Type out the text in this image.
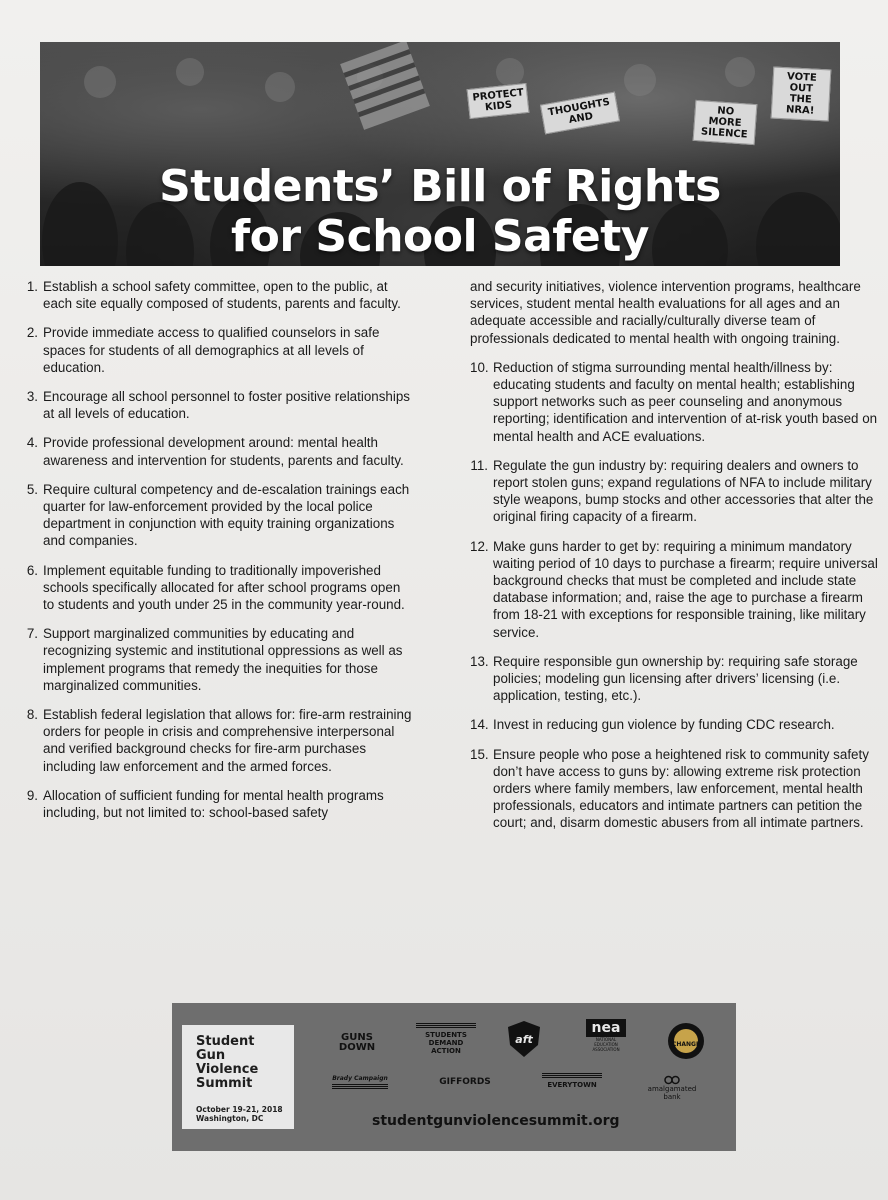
PROTECT KIDS	THOUGHTS AND	NO MORE SILENCE
VOTE OUT THE NRA!
Students’ Bill of Rights
for School Safety
1. Establish a school safety committee, open to the public, at each site equally composed of students, parents and faculty.
2. Provide immediate access to qualified counselors in safe spaces for students of all demographics at all levels of education.
3. Encourage all school personnel to foster positive relationships at all levels of education.
4. Provide professional development around: mental health awareness and intervention for students, parents and faculty.
5. Require cultural competency and de-escalation trainings each quarter for law-enforcement provided by the local police department in conjunction with equity training organizations and companies.
6. Implement equitable funding to traditionally impoverished schools specifically allocated for after school programs open to students and youth under 25 in the community year-round.
7. Support marginalized communities by educating and recognizing systemic and institutional oppressions as well as implement programs that remedy the inequities for those marginalized communities.
8. Establish federal legislation that allows for: fire-arm restraining orders for people in crisis and comprehensive interpersonal and verified background checks for fire-arm purchases including law enforcement and the armed forces.
9. Allocation of sufficient funding for mental health programs including, but not limited to: school-based safety
and security initiatives, violence intervention programs, healthcare services, student mental health evaluations for all ages and an adequate accessible and racially/culturally diverse team of professionals dedicated to mental health with ongoing training.
10. Reduction of stigma surrounding mental health/illness by: educating students and faculty on mental health; establishing support networks such as peer counseling and anonymous reporting; identification and intervention of at-risk youth based on mental health and ACE evaluations.
11. Regulate the gun industry by: requiring dealers and owners to report stolen guns; expand regulations of NFA to include military style weapons, bump stocks and other accessories that alter the original firing capacity of a firearm.
12. Make guns harder to get by: requiring a minimum mandatory waiting period of 10 days to purchase a firearm; require universal background checks that must be completed and include state database information; and, raise the age to purchase a firearm from 18-21 with exceptions for responsible training, like military service.
13. Require responsible gun ownership by: requiring safe storage policies; modeling gun licensing after drivers’ licensing (i.e. application, testing, etc.).
14. Invest in reducing gun violence by funding CDC research.
15. Ensure people who pose a heightened risk to community safety don’t have access to guns by: allowing extreme risk protection orders where family members, law enforcement, mental health professionals, educators and intimate partners can petition the court; and, disarm domestic abusers from all intimate partners.
Student Gun Violence Summit
October 19-21, 2018 Washington, DC
GUNS DOWN
STUDENTS DEMAND ACTION
$_{aft}$
nea
NATIONAL EDUCATION ASSOCIATION
$_{CHANGE}$
Brady Campaign	GIFFORDS	EVERYTOWN	amalgamated bank
studentgunviolencesummit.org
